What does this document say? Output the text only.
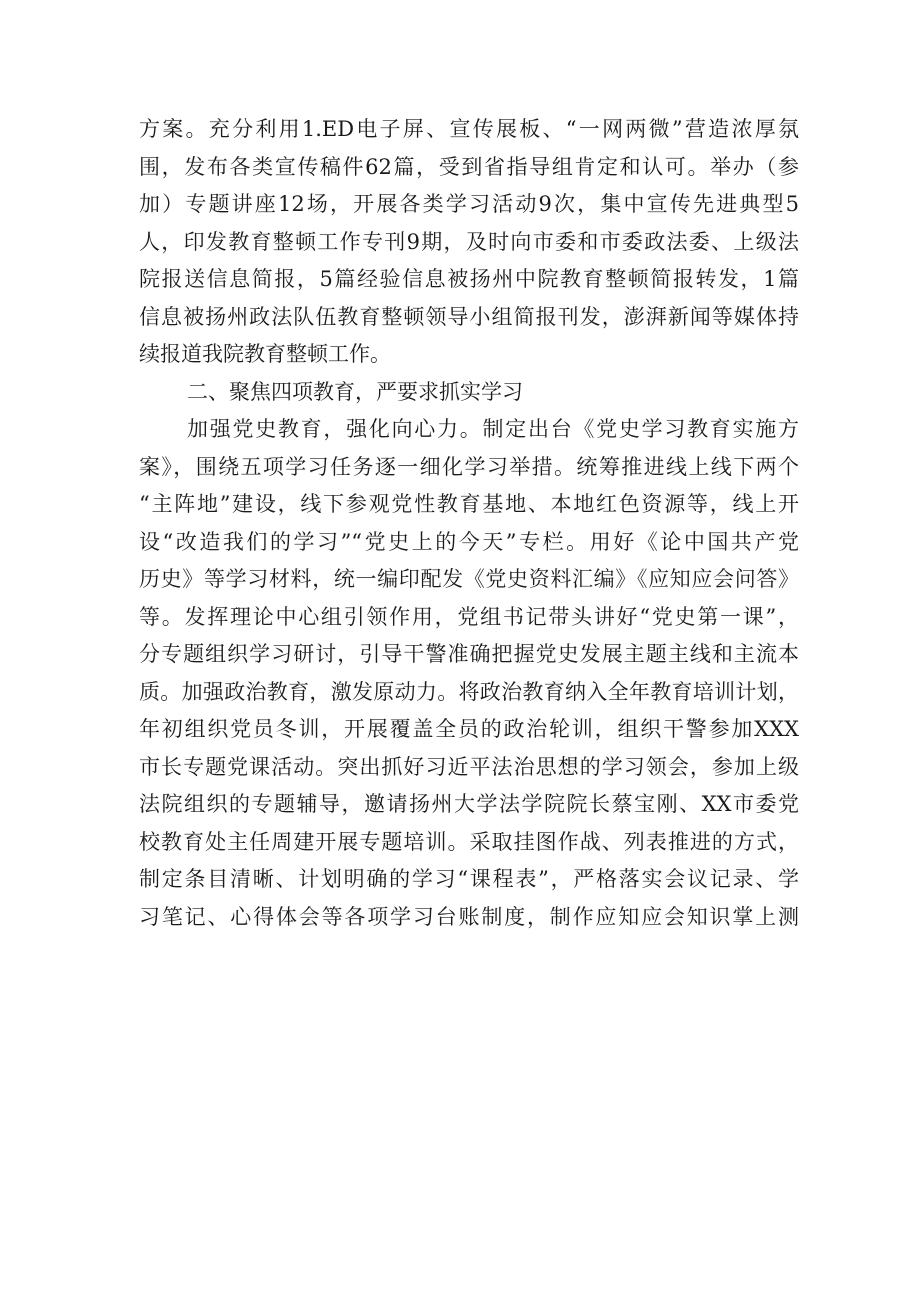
方案。充分利用1.ED电子屏、宣传展板、“一网两微”营造浓厚氛
围，发布各类宣传稿件62篇，受到省指导组肯定和认可。举办（参
加）专题讲座12场，开展各类学习活动9次，集中宣传先进典型5
人，印发教育整顿工作专刊9期，及时向市委和市委政法委、上级法
院报送信息简报，5篇经验信息被扬州中院教育整顿简报转发，1篇
信息被扬州政法队伍教育整顿领导小组简报刊发，澎湃新闻等媒体持
续报道我院教育整顿工作。
二、聚焦四项教育，严要求抓实学习
加强党史教育，强化向心力。制定出台《党史学习教育实施方
案》，围绕五项学习任务逐一细化学习举措。统筹推进线上线下两个
“主阵地”建设，线下参观党性教育基地、本地红色资源等，线上开
设“改造我们的学习”“党史上的今天”专栏。用好《论中国共产党
历史》等学习材料，统一编印配发《党史资料汇编》《应知应会问答》
等。发挥理论中心组引领作用，党组书记带头讲好“党史第一课”，
分专题组织学习研讨，引导干警准确把握党史发展主题主线和主流本
质。加强政治教育，激发原动力。将政治教育纳入全年教育培训计划，
年初组织党员冬训，开展覆盖全员的政治轮训，组织干警参加XXX
市长专题党课活动。突出抓好习近平法治思想的学习领会，参加上级
法院组织的专题辅导，邀请扬州大学法学院院长蔡宝刚、XX市委党
校教育处主任周建开展专题培训。采取挂图作战、列表推进的方式，
制定条目清晰、计划明确的学习“课程表”，严格落实会议记录、学
习笔记、心得体会等各项学习台账制度，制作应知应会知识掌上测
